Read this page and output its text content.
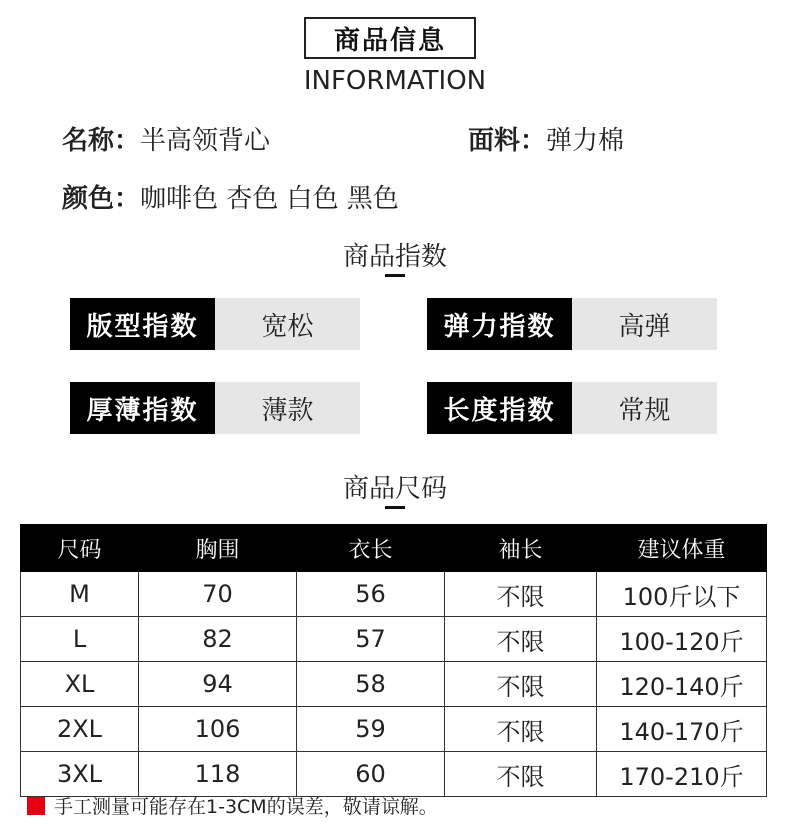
商品信息
INFORMATION
名称：半高领背心	面料：弹力棉
颜色：咖啡色 杏色 白色 黑色
商品指数
版型指数	宽松	弹力指数	高弹
厚薄指数	薄款	长度指数	常规
商品尺码
尺码	胸围	衣长	袖长	建议体重
M	70	56	不限	100斤以下
L	82	57	不限	100-120斤
XL	94	58	不限	120-140斤
2XL	106	59	不限	140-170斤
3XL	118	60	不限	170-210斤
手工测量可能存在1-3CM的误差，敬请谅解。
